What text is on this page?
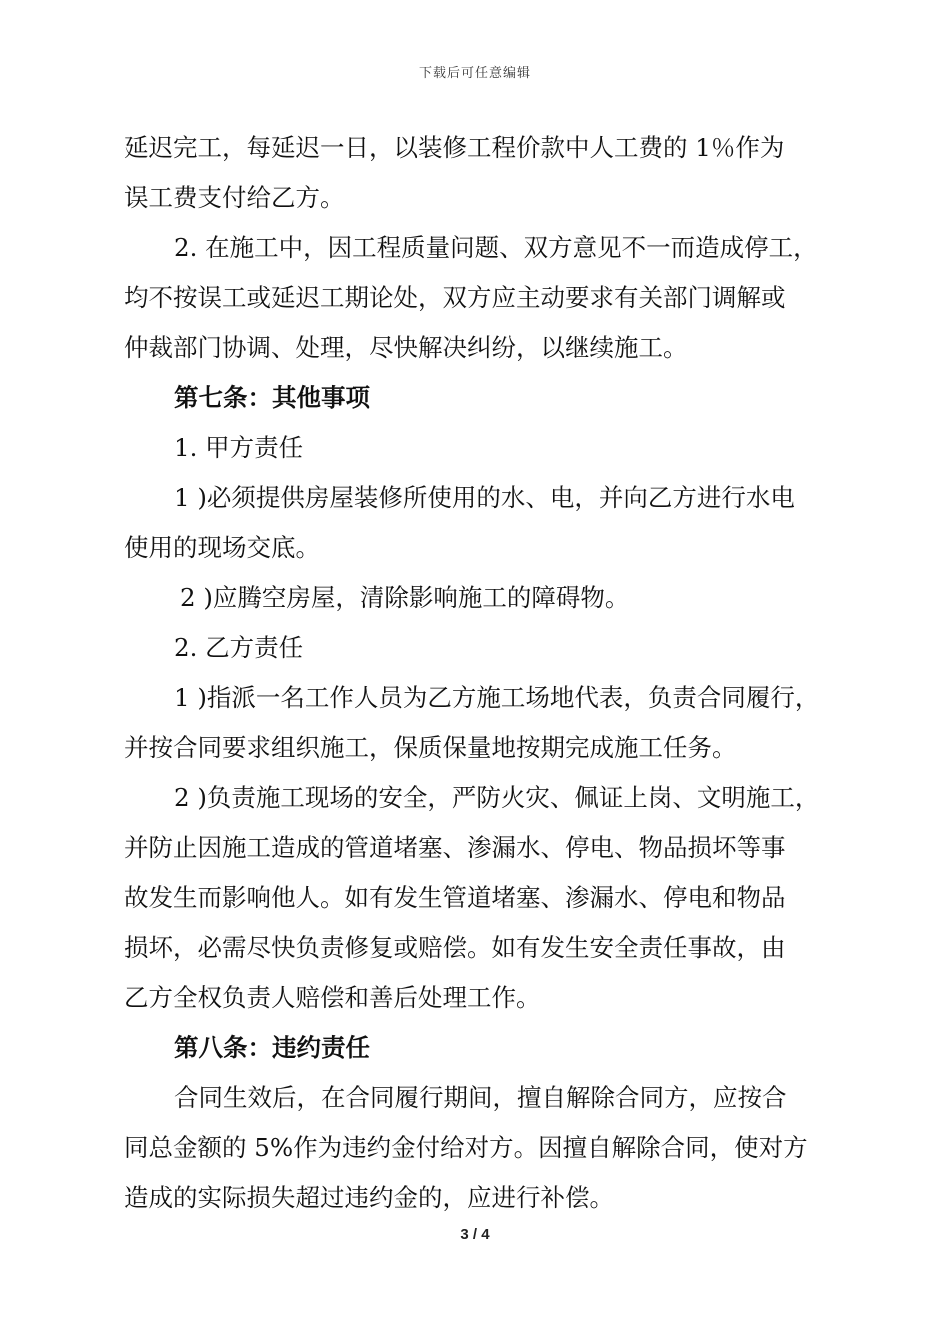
下载后可任意编辑
延迟完工，每延迟一日，以装修工程价款中人工费的 1％作为
误工费支付给乙方。
2. 在施工中，因工程质量问题、双方意见不一而造成停工，
均不按误工或延迟工期论处，双方应主动要求有关部门调解或
仲裁部门协调、处理，尽快解决纠纷，以继续施工。
第七条：其他事项
1. 甲方责任
1 )必须提供房屋装修所使用的水、电，并向乙方进行水电
使用的现场交底。
2 )应腾空房屋，清除影响施工的障碍物。
2. 乙方责任
1 )指派一名工作人员为乙方施工场地代表，负责合同履行，
并按合同要求组织施工，保质保量地按期完成施工任务。
2 )负责施工现场的安全，严防火灾、佩证上岗、文明施工，
并防止因施工造成的管道堵塞、渗漏水、停电、物品损坏等事
故发生而影响他人。如有发生管道堵塞、渗漏水、停电和物品
损坏，必需尽快负责修复或赔偿。如有发生安全责任事故，由
乙方全权负责人赔偿和善后处理工作。
第八条：违约责任
合同生效后，在合同履行期间，擅自解除合同方，应按合
同总金额的 5%作为违约金付给对方。因擅自解除合同，使对方
造成的实际损失超过违约金的，应进行补偿。
3 / 4
